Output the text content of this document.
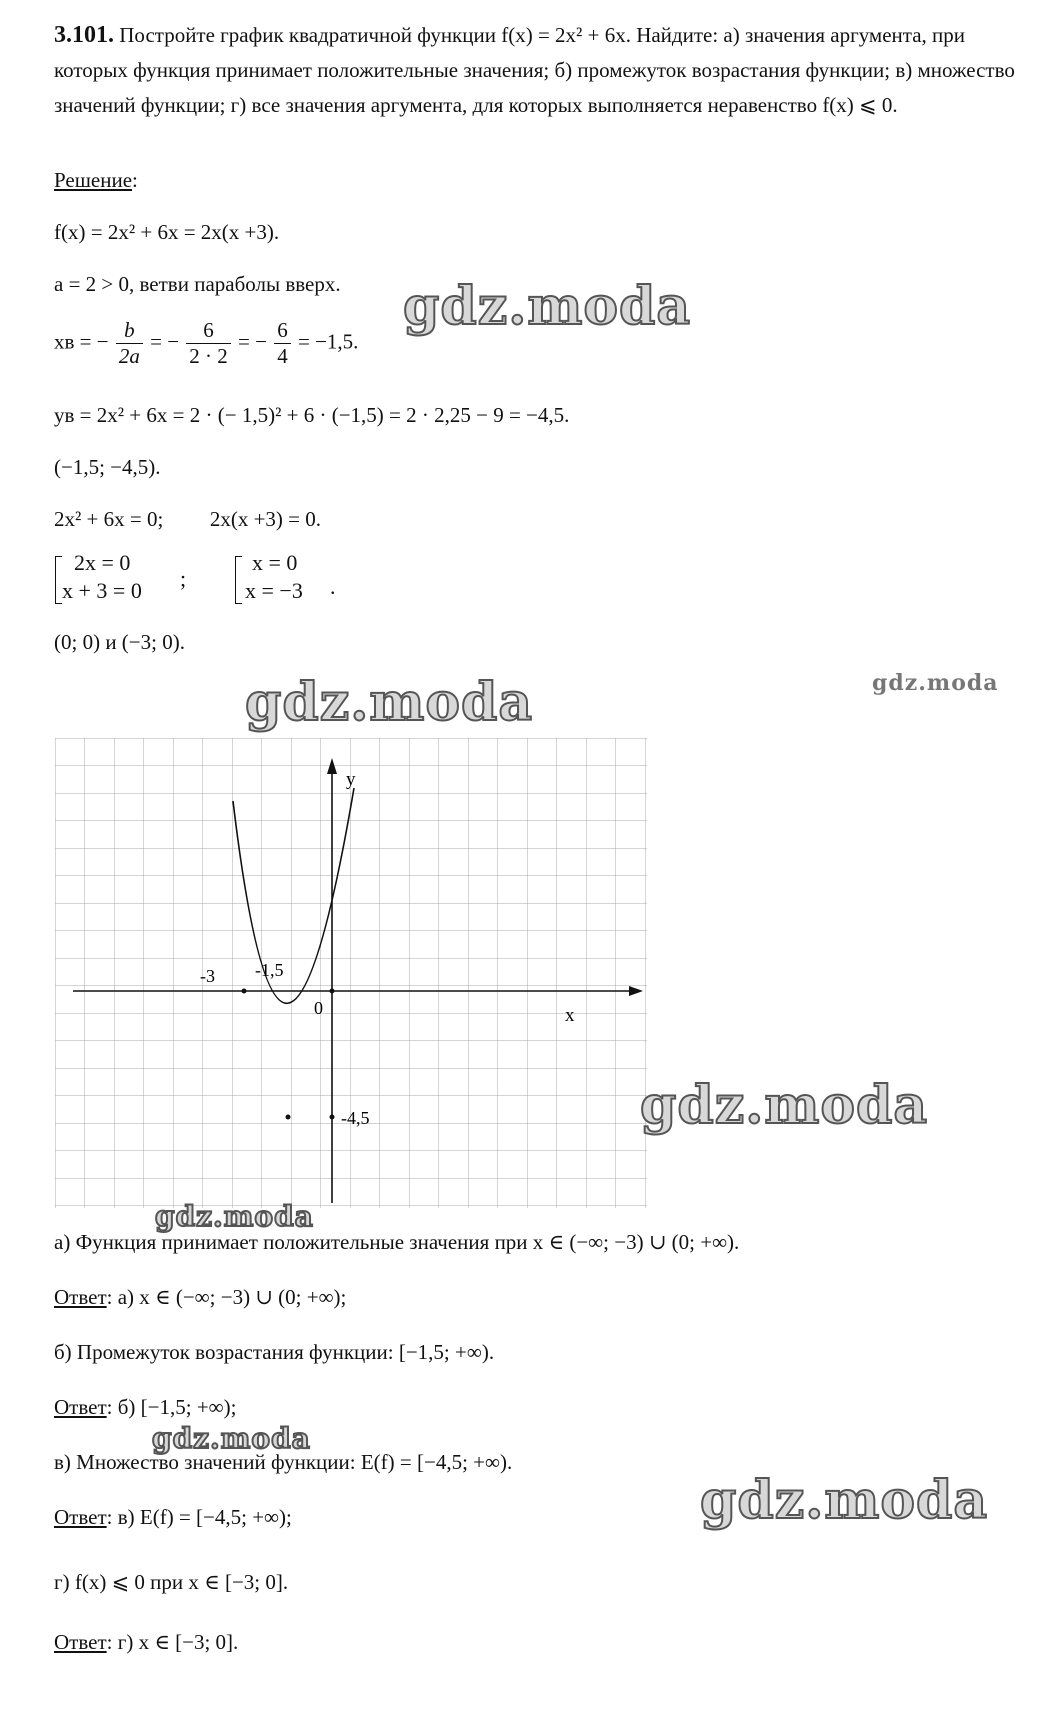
3.101. Постройте график квадратичной функции f(x) = 2x² + 6x. Найдите: а) значения аргумента, при которых функция принимает положительные значения; б) промежуток возрастания функции; в) множество значений функции; г) все значения аргумента, для которых выполняется неравенство f(x) ⩽ 0.
Решение:
f(x) = 2x² + 6x = 2x(x +3).
a = 2 > 0, ветви параболы вверх.
xв = − $\frac{b}{2a}$ = − $\frac{6}{2 \cdot 2}$ = − $\frac{6}{4} = -1,5$.
yв = 2x² + 6x = 2 · (− 1,5)² + 6 · (−1,5) = 2 · 2,25 − 9 = −4,5.
(−1,5; −4,5).
2x² + 6x = 0; 2x(x +3) = 0.
2x = 0
x + 3 = 0 ;
x = 0
x = −3 .
(0; 0) и (−3; 0).
y
x
-3 -1,5
0
-4,5
а) Функция принимает положительные значения при x ∈ (−∞; −3) ∪ (0; +∞).
Ответ: а) x ∈ (−∞; −3) ∪ (0; +∞);
б) Промежуток возрастания функции: [−1,5; +∞).
Ответ: б) [−1,5; +∞);
в) Множество значений функции: E(f) = [−4,5; +∞).
Ответ: в) E(f) = [−4,5; +∞);
г) f(x) ⩽ 0 при x ∈ [−3; 0].
Ответ: г) x ∈ [−3; 0].
gdz.moda
gdz.moda	gdz.moda
gdz.moda
gdz.moda
gdz.moda
gdz.moda
